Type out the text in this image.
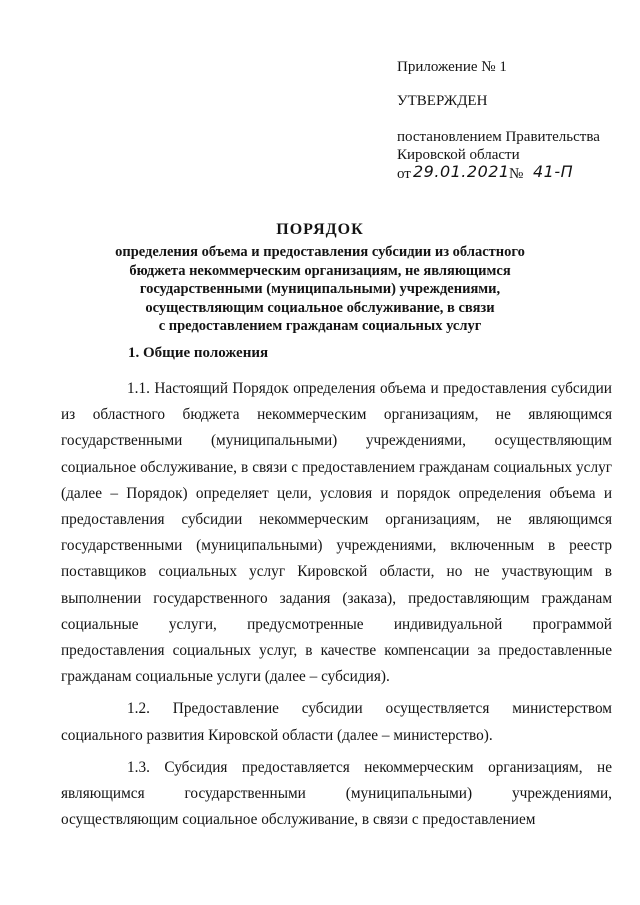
Приложение № 1
УТВЕРЖДЕН
постановлением Правительства
Кировской области
от 29.01.2021 № 41-П
ПОРЯДОК
определения объема и предоставления субсидии из областного
бюджета некоммерческим организациям, не являющимся
государственными (муниципальными) учреждениями,
осуществляющим социальное обслуживание, в связи
с предоставлением гражданам социальных услуг
1. Общие положения

1.1. Настоящий Порядок определения объема и предоставления субсидии из областного бюджета некоммерческим организациям, не являющимся государственными (муниципальными) учреждениями, осуществляющим социальное обслуживание, в связи с предоставлением гражданам социальных услуг (далее – Порядок) определяет цели, условия и порядок определения объема и предоставления субсидии некоммерческим организациям, не являющимся государственными (муниципальными) учреждениями, включенным в реестр поставщиков социальных услуг Кировской области, но не участвующим в выполнении государственного задания (заказа), предоставляющим гражданам социальные услуги, предусмотренные индивидуальной программой предоставления социальных услуг, в качестве компенсации за предоставленные гражданам социальные услуги (далее – субсидия).

1.2. Предоставление субсидии осуществляется министерством социального развития Кировской области (далее – министерство).

1.3. Субсидия предоставляется некоммерческим организациям, не являющимся государственными (муниципальными) учреждениями, осуществляющим социальное обслуживание, в связи с предоставлением
